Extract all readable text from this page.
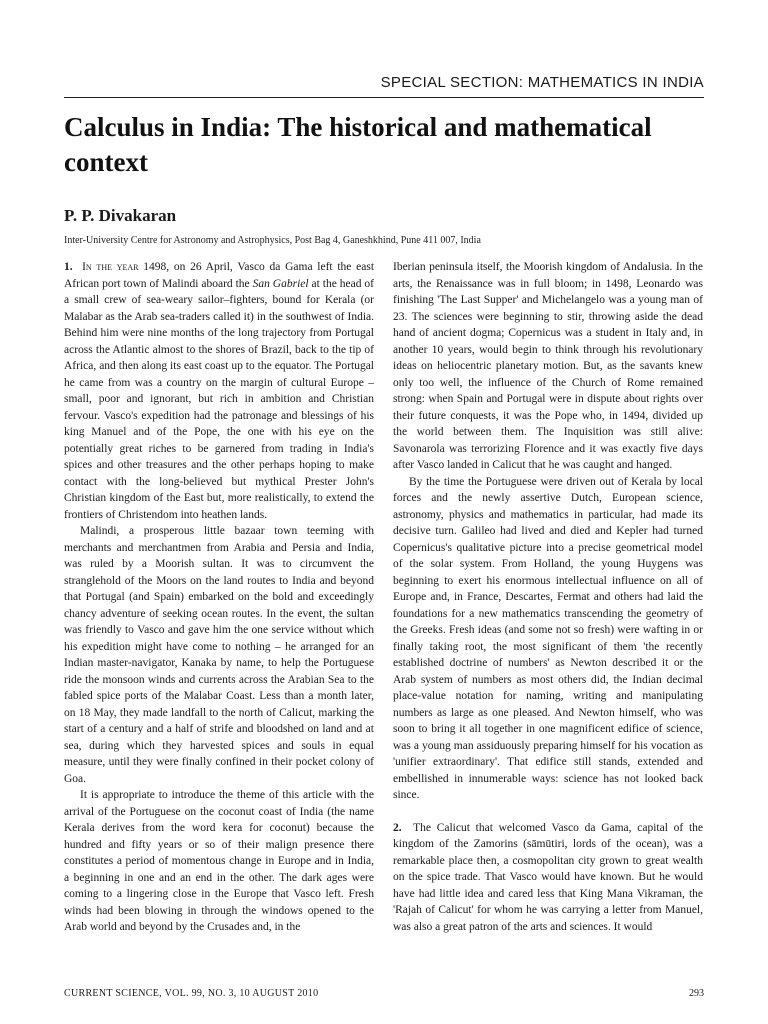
SPECIAL SECTION: MATHEMATICS IN INDIA
Calculus in India: The historical and mathematical context
P. P. Divakaran
Inter-University Centre for Astronomy and Astrophysics, Post Bag 4, Ganeshkhind, Pune 411 007, India

1. In the year 1498, on 26 April, Vasco da Gama left the east African port town of Malindi aboard the San Gabriel at the head of a small crew of sea-weary sailor–fighters, bound for Kerala (or Malabar as the Arab sea-traders called it) in the southwest of India. Behind him were nine months of the long trajectory from Portugal across the Atlantic almost to the shores of Brazil, back to the tip of Africa, and then along its east coast up to the equator. The Portugal he came from was a country on the margin of cultural Europe – small, poor and ignorant, but rich in ambition and Christian fervour. Vasco's expedition had the patronage and blessings of his king Manuel and of the Pope, the one with his eye on the potentially great riches to be garnered from trading in India's spices and other treasures and the other perhaps hoping to make contact with the long-believed but mythical Prester John's Christian kingdom of the East but, more realistically, to extend the frontiers of Christendom into heathen lands.

Malindi, a prosperous little bazaar town teeming with merchants and merchantmen from Arabia and Persia and India, was ruled by a Moorish sultan. It was to circumvent the stranglehold of the Moors on the land routes to India and beyond that Portugal (and Spain) embarked on the bold and exceedingly chancy adventure of seeking ocean routes. In the event, the sultan was friendly to Vasco and gave him the one service without which his expedition might have come to nothing – he arranged for an Indian master-navigator, Kanaka by name, to help the Portuguese ride the monsoon winds and currents across the Arabian Sea to the fabled spice ports of the Malabar Coast. Less than a month later, on 18 May, they made landfall to the north of Calicut, marking the start of a century and a half of strife and bloodshed on land and at sea, during which they harvested spices and souls in equal measure, until they were finally confined in their pocket colony of Goa.

It is appropriate to introduce the theme of this article with the arrival of the Portuguese on the coconut coast of India (the name Kerala derives from the word kera for coconut) because the hundred and fifty years or so of their malign presence there constitutes a period of momentous change in Europe and in India, a beginning in one and an end in the other. The dark ages were coming to a lingering close in the Europe that Vasco left. Fresh winds had been blowing in through the windows opened to the Arab world and beyond by the Crusades and, in the

Iberian peninsula itself, the Moorish kingdom of Andalusia. In the arts, the Renaissance was in full bloom; in 1498, Leonardo was finishing 'The Last Supper' and Michelangelo was a young man of 23. The sciences were beginning to stir, throwing aside the dead hand of ancient dogma; Copernicus was a student in Italy and, in another 10 years, would begin to think through his revolutionary ideas on heliocentric planetary motion. But, as the savants knew only too well, the influence of the Church of Rome remained strong: when Spain and Portugal were in dispute about rights over their future conquests, it was the Pope who, in 1494, divided up the world between them. The Inquisition was still alive: Savonarola was terrorizing Florence and it was exactly five days after Vasco landed in Calicut that he was caught and hanged.

By the time the Portuguese were driven out of Kerala by local forces and the newly assertive Dutch, European science, astronomy, physics and mathematics in particular, had made its decisive turn. Galileo had lived and died and Kepler had turned Copernicus's qualitative picture into a precise geometrical model of the solar system. From Holland, the young Huygens was beginning to exert his enormous intellectual influence on all of Europe and, in France, Descartes, Fermat and others had laid the foundations for a new mathematics transcending the geometry of the Greeks. Fresh ideas (and some not so fresh) were wafting in or finally taking root, the most significant of them 'the recently established doctrine of numbers' as Newton described it or the Arab system of numbers as most others did, the Indian decimal place-value notation for naming, writing and manipulating numbers as large as one pleased. And Newton himself, who was soon to bring it all together in one magnificent edifice of science, was a young man assiduously preparing himself for his vocation as 'unifier extraordinary'. That edifice still stands, extended and embellished in innumerable ways: science has not looked back since.

2. The Calicut that welcomed Vasco da Gama, capital of the kingdom of the Zamorins (sāmūtiri, lords of the ocean), was a remarkable place then, a cosmopolitan city grown to great wealth on the spice trade. That Vasco would have known. But he would have had little idea and cared less that King Mana Vikraman, the 'Rajah of Calicut' for whom he was carrying a letter from Manuel, was also a great patron of the arts and sciences. It would

CURRENT SCIENCE, VOL. 99, NO. 3, 10 AUGUST 2010	293
